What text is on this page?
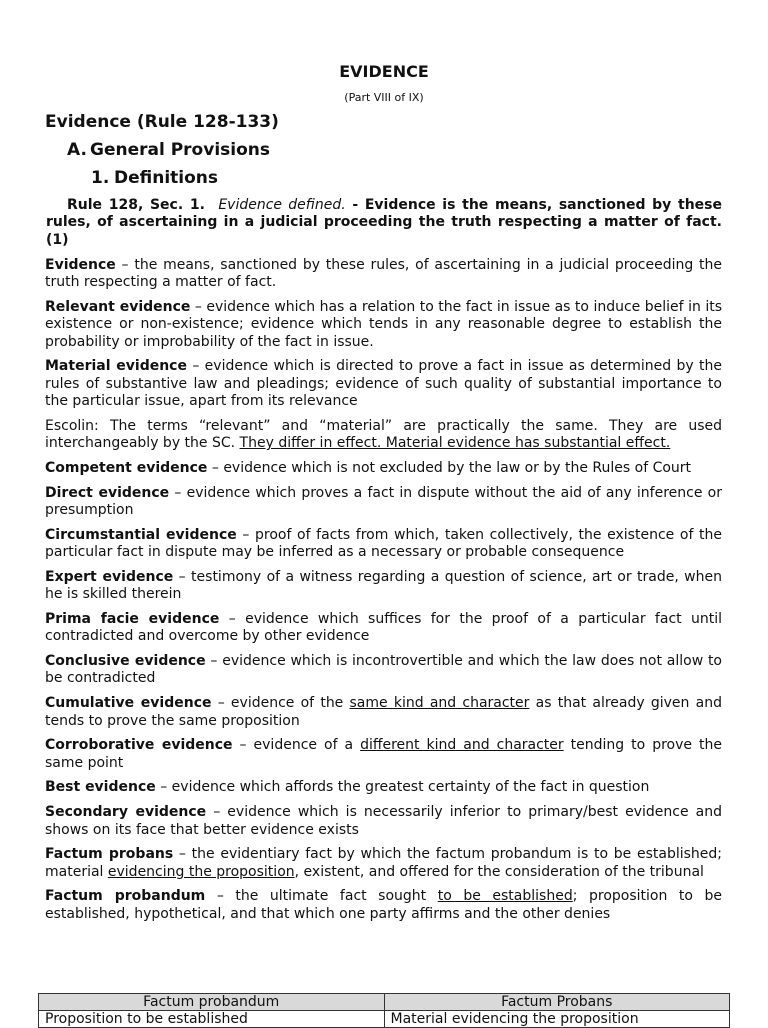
EVIDENCE
(Part VIII of IX)
Evidence (Rule 128-133)
A. General Provisions
1. Definitions
Rule 128, Sec. 1. Evidence defined. - Evidence is the means, sanctioned by these rules, of ascertaining in a judicial proceeding the truth respecting a matter of fact. (1)

Evidence – the means, sanctioned by these rules, of ascertaining in a judicial proceeding the truth respecting a matter of fact.

Relevant evidence – evidence which has a relation to the fact in issue as to induce belief in its existence or non-existence; evidence which tends in any reasonable degree to establish the probability or improbability of the fact in issue.

Material evidence – evidence which is directed to prove a fact in issue as determined by the rules of substantive law and pleadings; evidence of such quality of substantial importance to the particular issue, apart from its relevance

Escolin: The terms “relevant” and “material” are practically the same. They are used interchangeably by the SC. They differ in effect. Material evidence has substantial effect.

Competent evidence – evidence which is not excluded by the law or by the Rules of Court

Direct evidence – evidence which proves a fact in dispute without the aid of any inference or presumption

Circumstantial evidence – proof of facts from which, taken collectively, the existence of the particular fact in dispute may be inferred as a necessary or probable consequence

Expert evidence – testimony of a witness regarding a question of science, art or trade, when he is skilled therein

Prima facie evidence – evidence which suffices for the proof of a particular fact until contradicted and overcome by other evidence

Conclusive evidence – evidence which is incontrovertible and which the law does not allow to be contradicted

Cumulative evidence – evidence of the same kind and character as that already given and tends to prove the same proposition

Corroborative evidence – evidence of a different kind and character tending to prove the same point

Best evidence – evidence which affords the greatest certainty of the fact in question

Secondary evidence – evidence which is necessarily inferior to primary/best evidence and shows on its face that better evidence exists

Factum probans – the evidentiary fact by which the factum probandum is to be established; material evidencing the proposition, existent, and offered for the consideration of the tribunal

Factum probandum – the ultimate fact sought to be established; proposition to be established, hypothetical, and that which one party affirms and the other denies

Factum probandum	Factum Probans
Proposition to be established	Material evidencing the proposition
